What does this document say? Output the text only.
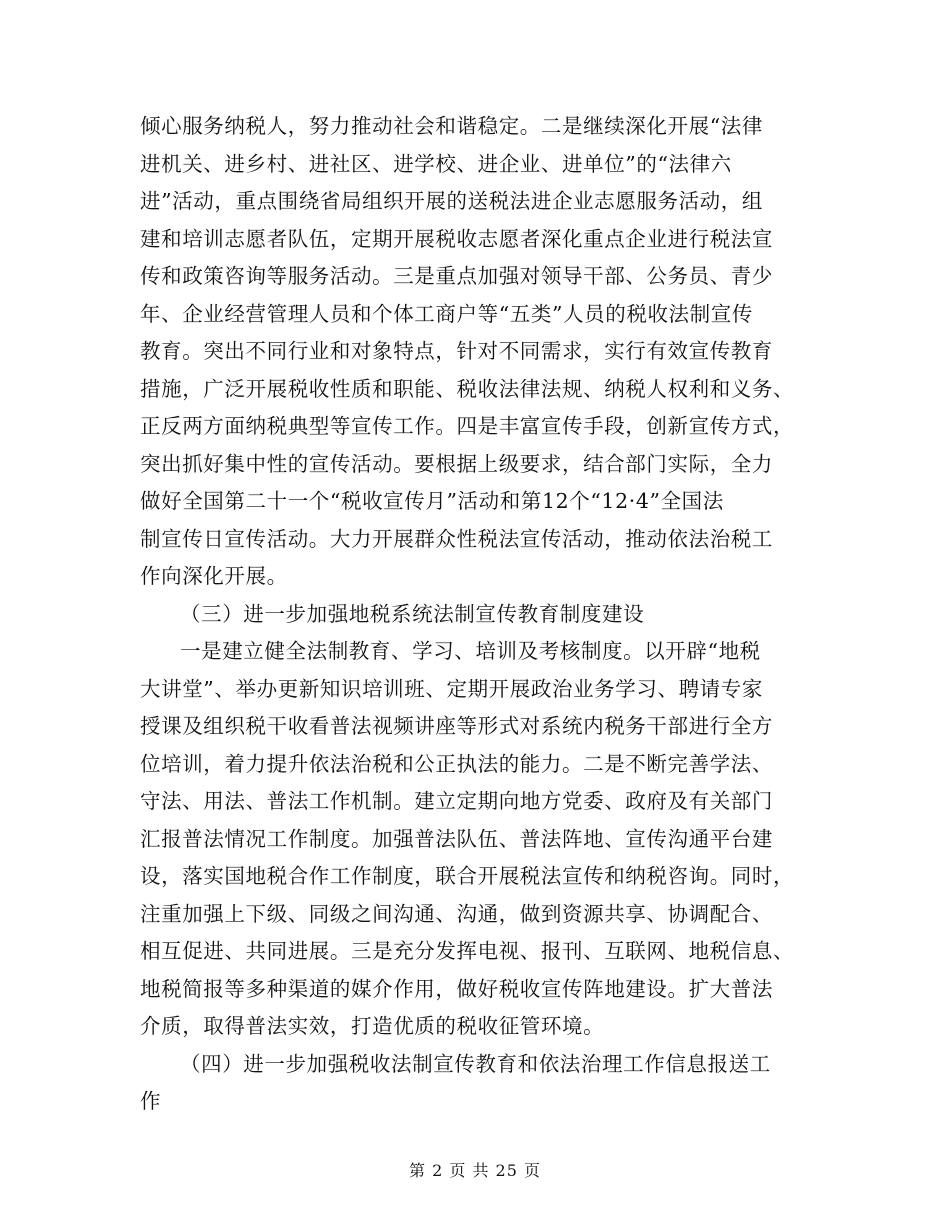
倾心服务纳税人，努力推动社会和谐稳定。二是继续深化开展“法律
进机关、进乡村、进社区、进学校、进企业、进单位”的“法律六
进”活动，重点围绕省局组织开展的送税法进企业志愿服务活动，组
建和培训志愿者队伍，定期开展税收志愿者深化重点企业进行税法宣
传和政策咨询等服务活动。三是重点加强对领导干部、公务员、青少
年、企业经营管理人员和个体工商户等“五类”人员的税收法制宣传
教育。突出不同行业和对象特点，针对不同需求，实行有效宣传教育
措施，广泛开展税收性质和职能、税收法律法规、纳税人权利和义务、
正反两方面纳税典型等宣传工作。四是丰富宣传手段，创新宣传方式，
突出抓好集中性的宣传活动。要根据上级要求，结合部门实际，全力
做好全国第二十一个“税收宣传月”活动和第12个“12·4”全国法
制宣传日宣传活动。大力开展群众性税法宣传活动，推动依法治税工
作向深化开展。
（三）进一步加强地税系统法制宣传教育制度建设
一是建立健全法制教育、学习、培训及考核制度。以开辟“地税
大讲堂”、举办更新知识培训班、定期开展政治业务学习、聘请专家
授课及组织税干收看普法视频讲座等形式对系统内税务干部进行全方
位培训，着力提升依法治税和公正执法的能力。二是不断完善学法、
守法、用法、普法工作机制。建立定期向地方党委、政府及有关部门
汇报普法情况工作制度。加强普法队伍、普法阵地、宣传沟通平台建
设，落实国地税合作工作制度，联合开展税法宣传和纳税咨询。同时，
注重加强上下级、同级之间沟通、沟通，做到资源共享、协调配合、
相互促进、共同进展。三是充分发挥电视、报刊、互联网、地税信息、
地税简报等多种渠道的媒介作用，做好税收宣传阵地建设。扩大普法
介质，取得普法实效，打造优质的税收征管环境。
（四）进一步加强税收法制宣传教育和依法治理工作信息报送工
作
第 2 页 共 25 页
